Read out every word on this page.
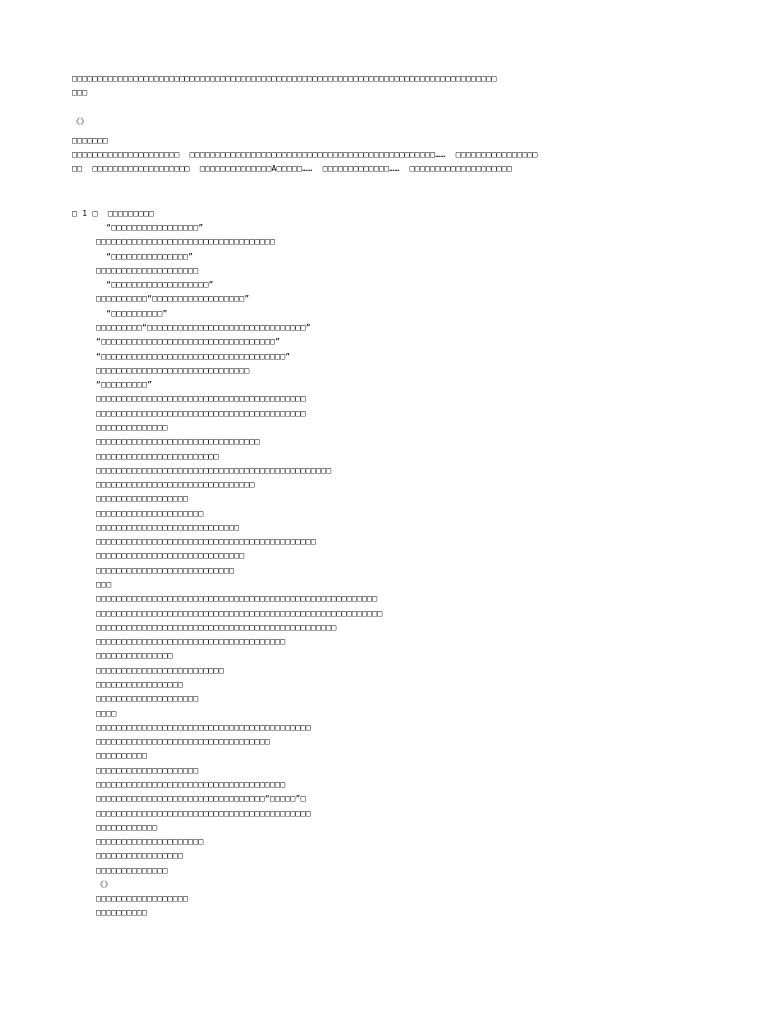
□□□□□□□□□□□□□□□□□□□□□□□□□□□□□□□□□□□□□□□□□□□□□□□□□□□□□□□□□□□□□□□□□□□□□□□□□□□□□□□□□□□

□□□

《》

□□□□□□□

□□□□□□□□□□□□□□□□□□□□□  □□□□□□□□□□□□□□□□□□□□□□□□□□□□□□□□□□□□□□□□□□□□□□□□……  □□□□□□□□□□□□□□□□

□□  □□□□□□□□□□□□□□□□□□□  □□□□□□□□□□□□□□A□□□□□……  □□□□□□□□□□□□□……  □□□□□□□□□□□□□□□□□□□□

□ 1 □  □□□□□□□□□

“□□□□□□□□□□□□□□□□□”

□□□□□□□□□□□□□□□□□□□□□□□□□□□□□□□□□□□

“□□□□□□□□□□□□□□□”

□□□□□□□□□□□□□□□□□□□□

“□□□□□□□□□□□□□□□□□□□”

□□□□□□□□□□“□□□□□□□□□□□□□□□□□□”

“□□□□□□□□□□”

□□□□□□□□□“□□□□□□□□□□□□□□□□□□□□□□□□□□□□□□□”

“□□□□□□□□□□□□□□□□□□□□□□□□□□□□□□□□□□”

“□□□□□□□□□□□□□□□□□□□□□□□□□□□□□□□□□□□□”

□□□□□□□□□□□□□□□□□□□□□□□□□□□□□□

“□□□□□□□□□”

□□□□□□□□□□□□□□□□□□□□□□□□□□□□□□□□□□□□□□□□□

□□□□□□□□□□□□□□□□□□□□□□□□□□□□□□□□□□□□□□□□□

□□□□□□□□□□□□□□

□□□□□□□□□□□□□□□□□□□□□□□□□□□□□□□□

□□□□□□□□□□□□□□□□□□□□□□□□

□□□□□□□□□□□□□□□□□□□□□□□□□□□□□□□□□□□□□□□□□□□□□□

□□□□□□□□□□□□□□□□□□□□□□□□□□□□□□□

□□□□□□□□□□□□□□□□□□

□□□□□□□□□□□□□□□□□□□□□

□□□□□□□□□□□□□□□□□□□□□□□□□□□□

□□□□□□□□□□□□□□□□□□□□□□□□□□□□□□□□□□□□□□□□□□□

□□□□□□□□□□□□□□□□□□□□□□□□□□□□□

□□□□□□□□□□□□□□□□□□□□□□□□□□□

□□□

□□□□□□□□□□□□□□□□□□□□□□□□□□□□□□□□□□□□□□□□□□□□□□□□□□□□□□□

□□□□□□□□□□□□□□□□□□□□□□□□□□□□□□□□□□□□□□□□□□□□□□□□□□□□□□□□

□□□□□□□□□□□□□□□□□□□□□□□□□□□□□□□□□□□□□□□□□□□□□□□

□□□□□□□□□□□□□□□□□□□□□□□□□□□□□□□□□□□□□

□□□□□□□□□□□□□□□

□□□□□□□□□□□□□□□□□□□□□□□□□

□□□□□□□□□□□□□□□□□

□□□□□□□□□□□□□□□□□□□□

□□□□

□□□□□□□□□□□□□□□□□□□□□□□□□□□□□□□□□□□□□□□□□□

□□□□□□□□□□□□□□□□□□□□□□□□□□□□□□□□□□

□□□□□□□□□□

□□□□□□□□□□□□□□□□□□□□

□□□□□□□□□□□□□□□□□□□□□□□□□□□□□□□□□□□□□

□□□□□□□□□□□□□□□□□□□□□□□□□□□□□□□□□“□□□□□”□

□□□□□□□□□□□□□□□□□□□□□□□□□□□□□□□□□□□□□□□□□□

□□□□□□□□□□□□

□□□□□□□□□□□□□□□□□□□□□

□□□□□□□□□□□□□□□□□

□□□□□□□□□□□□□□

《》

□□□□□□□□□□□□□□□□□□

□□□□□□□□□□
